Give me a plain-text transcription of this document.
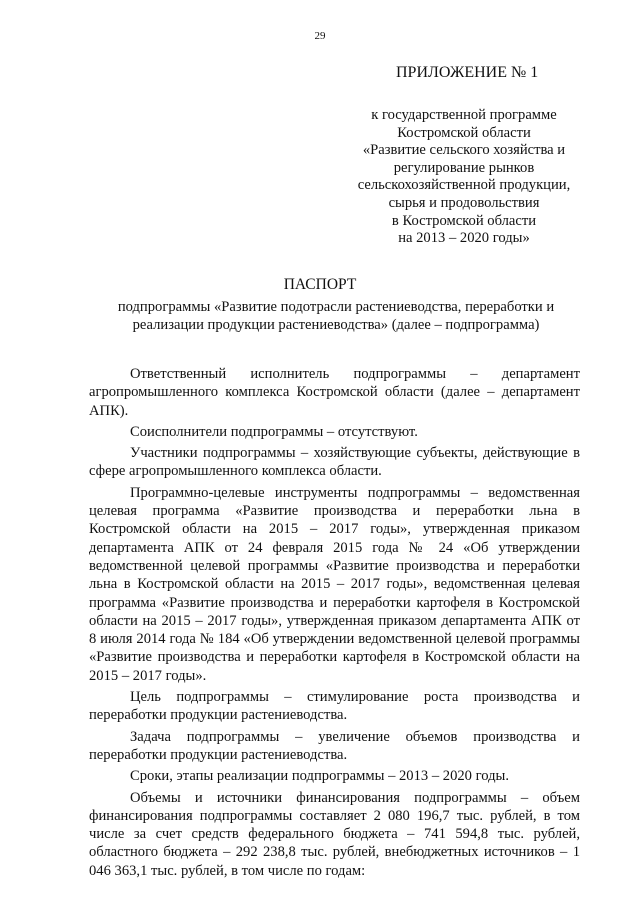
29
ПРИЛОЖЕНИЕ № 1
к государственной программе
Костромской области
«Развитие сельского хозяйства и
регулирование рынков
сельскохозяйственной продукции,
сырья и продовольствия
в Костромской области
на 2013 – 2020 годы»
ПАСПОРТ
подпрограммы «Развитие подотрасли растениеводства, переработки и реализации продукции растениеводства» (далее – подпрограмма)

Ответственный исполнитель подпрограммы – департамент агропромышленного комплекса Костромской области (далее – департамент АПК).

Соисполнители подпрограммы – отсутствуют.

Участники подпрограммы – хозяйствующие субъекты, действующие в сфере агропромышленного комплекса области.

Программно-целевые инструменты подпрограммы – ведомственная целевая программа «Развитие производства и переработки льна в Костромской области на 2015 – 2017 годы», утвержденная приказом департамента АПК от 24 февраля 2015 года № 24 «Об утверждении ведомственной целевой программы «Развитие производства и переработки льна в Костромской области на 2015 – 2017 годы», ведомственная целевая программа «Развитие производства и переработки картофеля в Костромской области на 2015 – 2017 годы», утвержденная приказом департамента АПК от 8 июля 2014 года № 184 «Об утверждении ведомственной целевой программы «Развитие производства и переработки картофеля в Костромской области на 2015 – 2017 годы».

Цель подпрограммы – стимулирование роста производства и переработки продукции растениеводства.

Задача подпрограммы – увеличение объемов производства и переработки продукции растениеводства.

Сроки, этапы реализации подпрограммы – 2013 – 2020 годы.

Объемы и источники финансирования подпрограммы – объем финансирования подпрограммы составляет 2 080 196,7 тыс. рублей, в том числе за счет средств федерального бюджета – 741 594,8 тыс. рублей, областного бюджета – 292 238,8 тыс. рублей, внебюджетных источников – 1 046 363,1 тыс. рублей, в том числе по годам:
